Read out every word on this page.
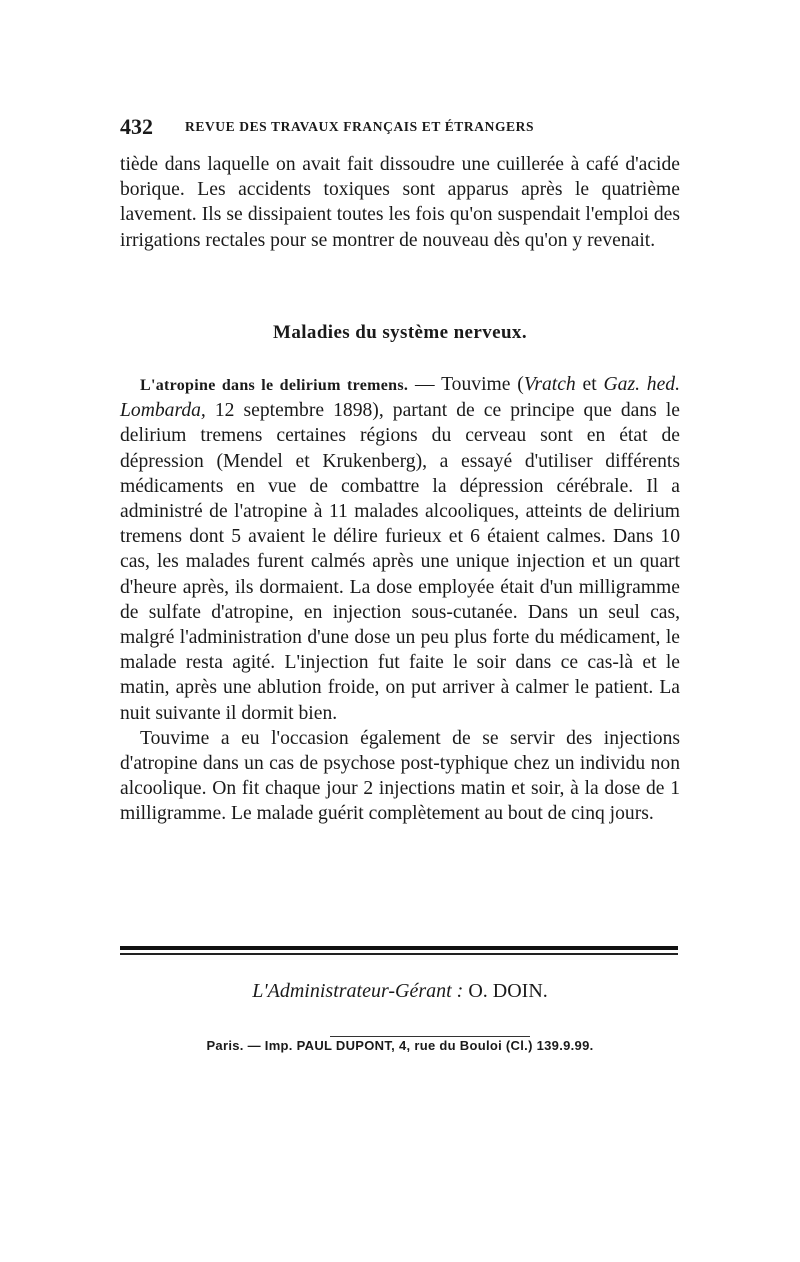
432 REVUE DES TRAVAUX FRANÇAIS ET ÉTRANGERS

tiède dans laquelle on avait fait dissoudre une cuillerée à café d'acide borique. Les accidents toxiques sont apparus après le quatrième lavement. Ils se dissipaient toutes les fois qu'on suspendait l'emploi des irrigations rectales pour se montrer de nouveau dès qu'on y revenait.

Maladies du système nerveux.

L'atropine dans le delirium tremens. — Touvime (Vratch et Gaz. hed. Lombarda, 12 septembre 1898), partant de ce principe que dans le delirium tremens certaines régions du cerveau sont en état de dépression (Mendel et Krukenberg), a essayé d'utiliser différents médicaments en vue de combattre la dépression cérébrale. Il a administré de l'atropine à 11 malades alcooliques, atteints de delirium tremens dont 5 avaient le délire furieux et 6 étaient calmes. Dans 10 cas, les malades furent calmés après une unique injection et un quart d'heure après, ils dormaient. La dose employée était d'un milligramme de sulfate d'atropine, en injection sous-cutanée. Dans un seul cas, malgré l'administration d'une dose un peu plus forte du médicament, le malade resta agité. L'injection fut faite le soir dans ce cas-là et le matin, après une ablution froide, on put arriver à calmer le patient. La nuit suivante il dormit bien.

Touvime a eu l'occasion également de se servir des injections d'atropine dans un cas de psychose post-typhique chez un individu non alcoolique. On fit chaque jour 2 injections matin et soir, à la dose de 1 milligramme. Le malade guérit complètement au bout de cinq jours.

L'Administrateur-Gérant : O. DOIN.
Paris. — Imp. PAUL DUPONT, 4, rue du Bouloi (Cl.) 139.9.99.
